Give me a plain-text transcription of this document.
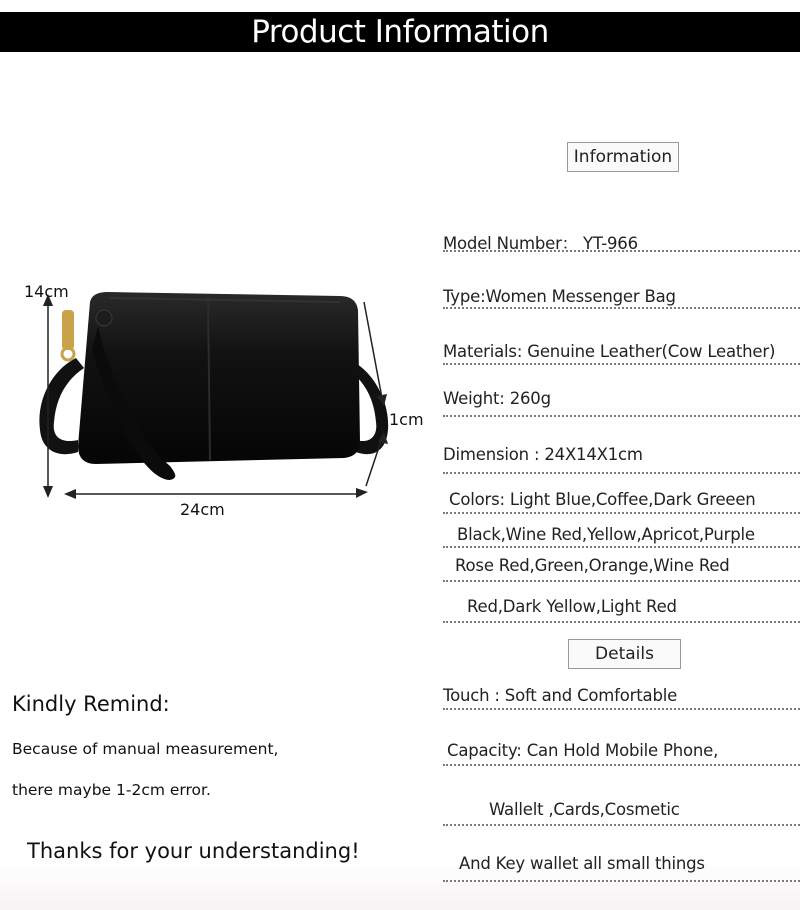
Product Information
14cm
24cm
1cm
Information
Model Number： YT-966
Type:Women Messenger Bag
Materials: Genuine Leather(Cow Leather)
Weight: 260g
Dimension : 24X14X1cm
Colors: Light Blue,Coffee,Dark Greeen
Black,Wine Red,Yellow,Apricot,Purple
Rose Red,Green,Orange,Wine Red
Red,Dark Yellow,Light Red
Details
Touch : Soft and Comfortable
Capacity: Can Hold Mobile Phone,
Wallelt ,Cards,Cosmetic
And Key wallet all small things
Kindly Remind:
Because of manual measurement,
there maybe 1-2cm error.
Thanks for your understanding!
